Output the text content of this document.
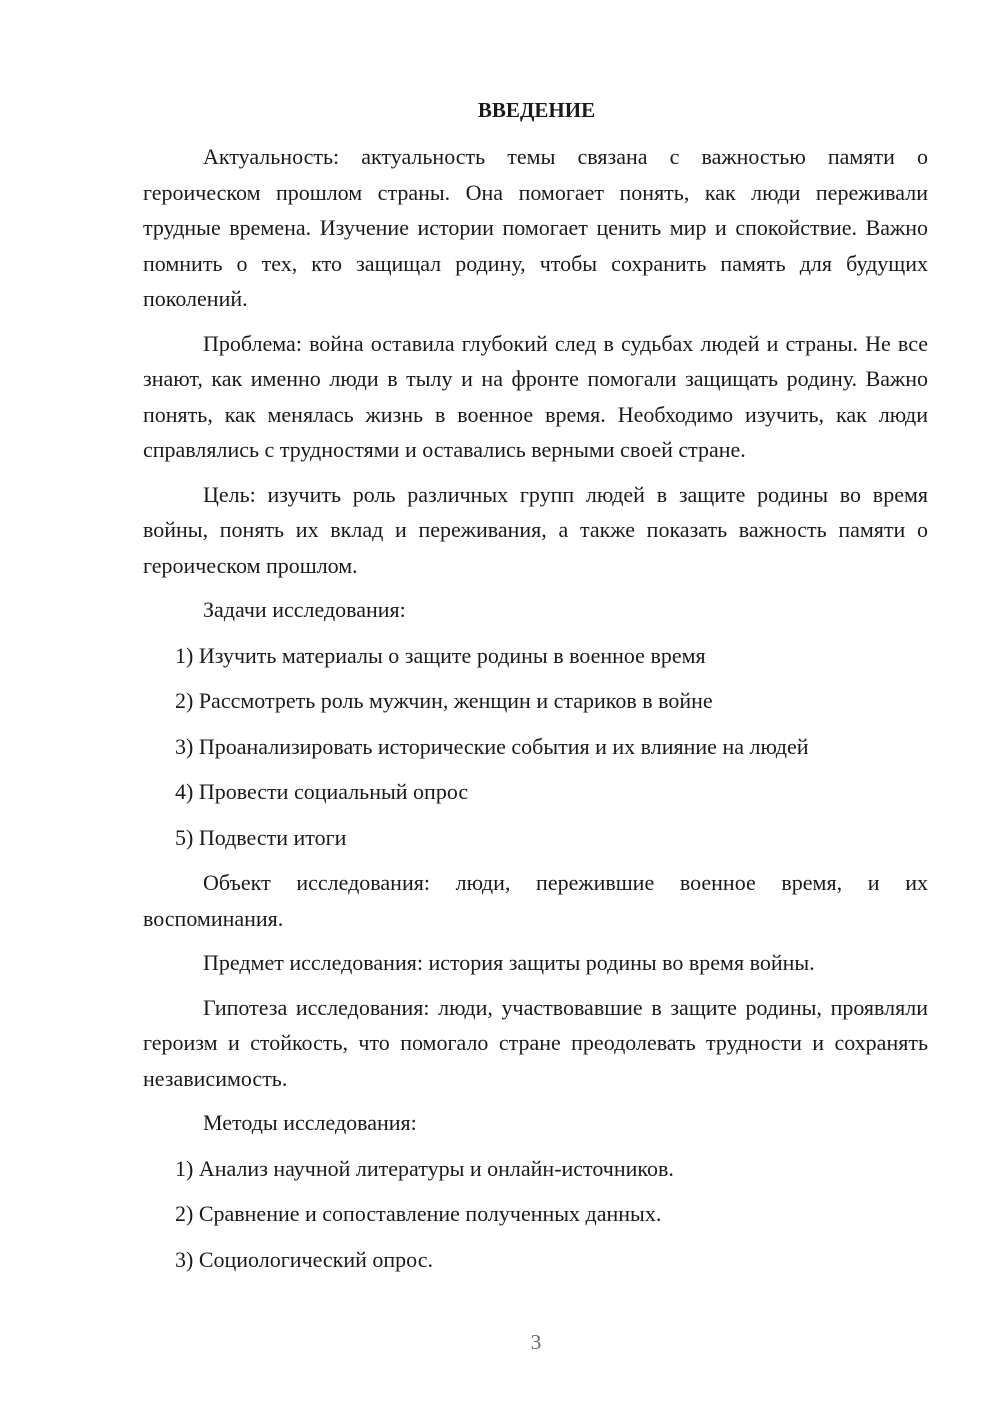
ВВЕДЕНИЕ

Актуальность: актуальность темы связана с важностью памяти о героическом прошлом страны. Она помогает понять, как люди переживали трудные времена. Изучение истории помогает ценить мир и спокойствие. Важно помнить о тех, кто защищал родину, чтобы сохранить память для будущих поколений.

Проблема: война оставила глубокий след в судьбах людей и страны. Не все знают, как именно люди в тылу и на фронте помогали защищать родину. Важно понять, как менялась жизнь в военное время. Необходимо изучить, как люди справлялись с трудностями и оставались верными своей стране.

Цель: изучить роль различных групп людей в защите родины во время войны, понять их вклад и переживания, а также показать важность памяти о героическом прошлом.

Задачи исследования:

1) Изучить материалы о защите родины в военное время

2) Рассмотреть роль мужчин, женщин и стариков в войне

3) Проанализировать исторические события и их влияние на людей

4) Провести социальный опрос

5) Подвести итоги

Объект исследования: люди, пережившие военное время, и их воспоминания.

Предмет исследования: история защиты родины во время войны.

Гипотеза исследования: люди, участвовавшие в защите родины, проявляли героизм и стойкость, что помогало стране преодолевать трудности и сохранять независимость.

Методы исследования:

1) Анализ научной литературы и онлайн-источников.

2) Сравнение и сопоставление полученных данных.

3) Социологический опрос.

3
